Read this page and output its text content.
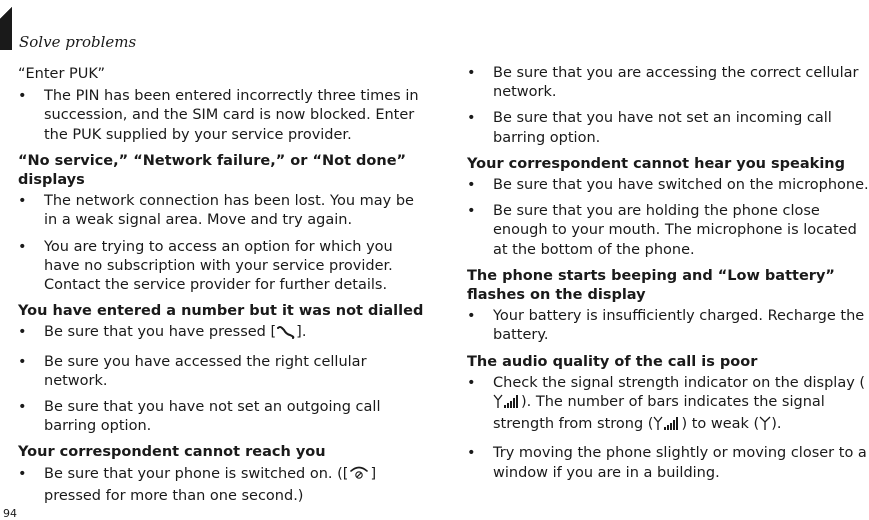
Solve problems
“Enter PUK”
• The PIN has been entered incorrectly three times in succession, and the SIM card is now blocked. Enter the PUK supplied by your service provider.
“No service,” “Network failure,” or “Not done” displays
• The network connection has been lost. You may be in a weak signal area. Move and try again.
• You are trying to access an option for which you have no subscription with your service provider. Contact the service provider for further details.
You have entered a number but it was not dialled
• Be sure that you have pressed [ ].
• Be sure you have accessed the right cellular network.
• Be sure that you have not set an outgoing call barring option.
Your correspondent cannot reach you
• Be sure that your phone is switched on. ([ ] pressed for more than one second.)
• Be sure that you are accessing the correct cellular network.
• Be sure that you have not set an incoming call barring option.
Your correspondent cannot hear you speaking
• Be sure that you have switched on the microphone.
• Be sure that you are holding the phone close enough to your mouth. The microphone is located at the bottom of the phone.
The phone starts beeping and “Low battery” flashes on the display
• Your battery is insufficiently charged. Recharge the battery.
The audio quality of the call is poor
• Check the signal strength indicator on the display (). The number of bars indicates the signal strength from strong ( ) to weak ( ).
• Try moving the phone slightly or moving closer to a window if you are in a building.
94
